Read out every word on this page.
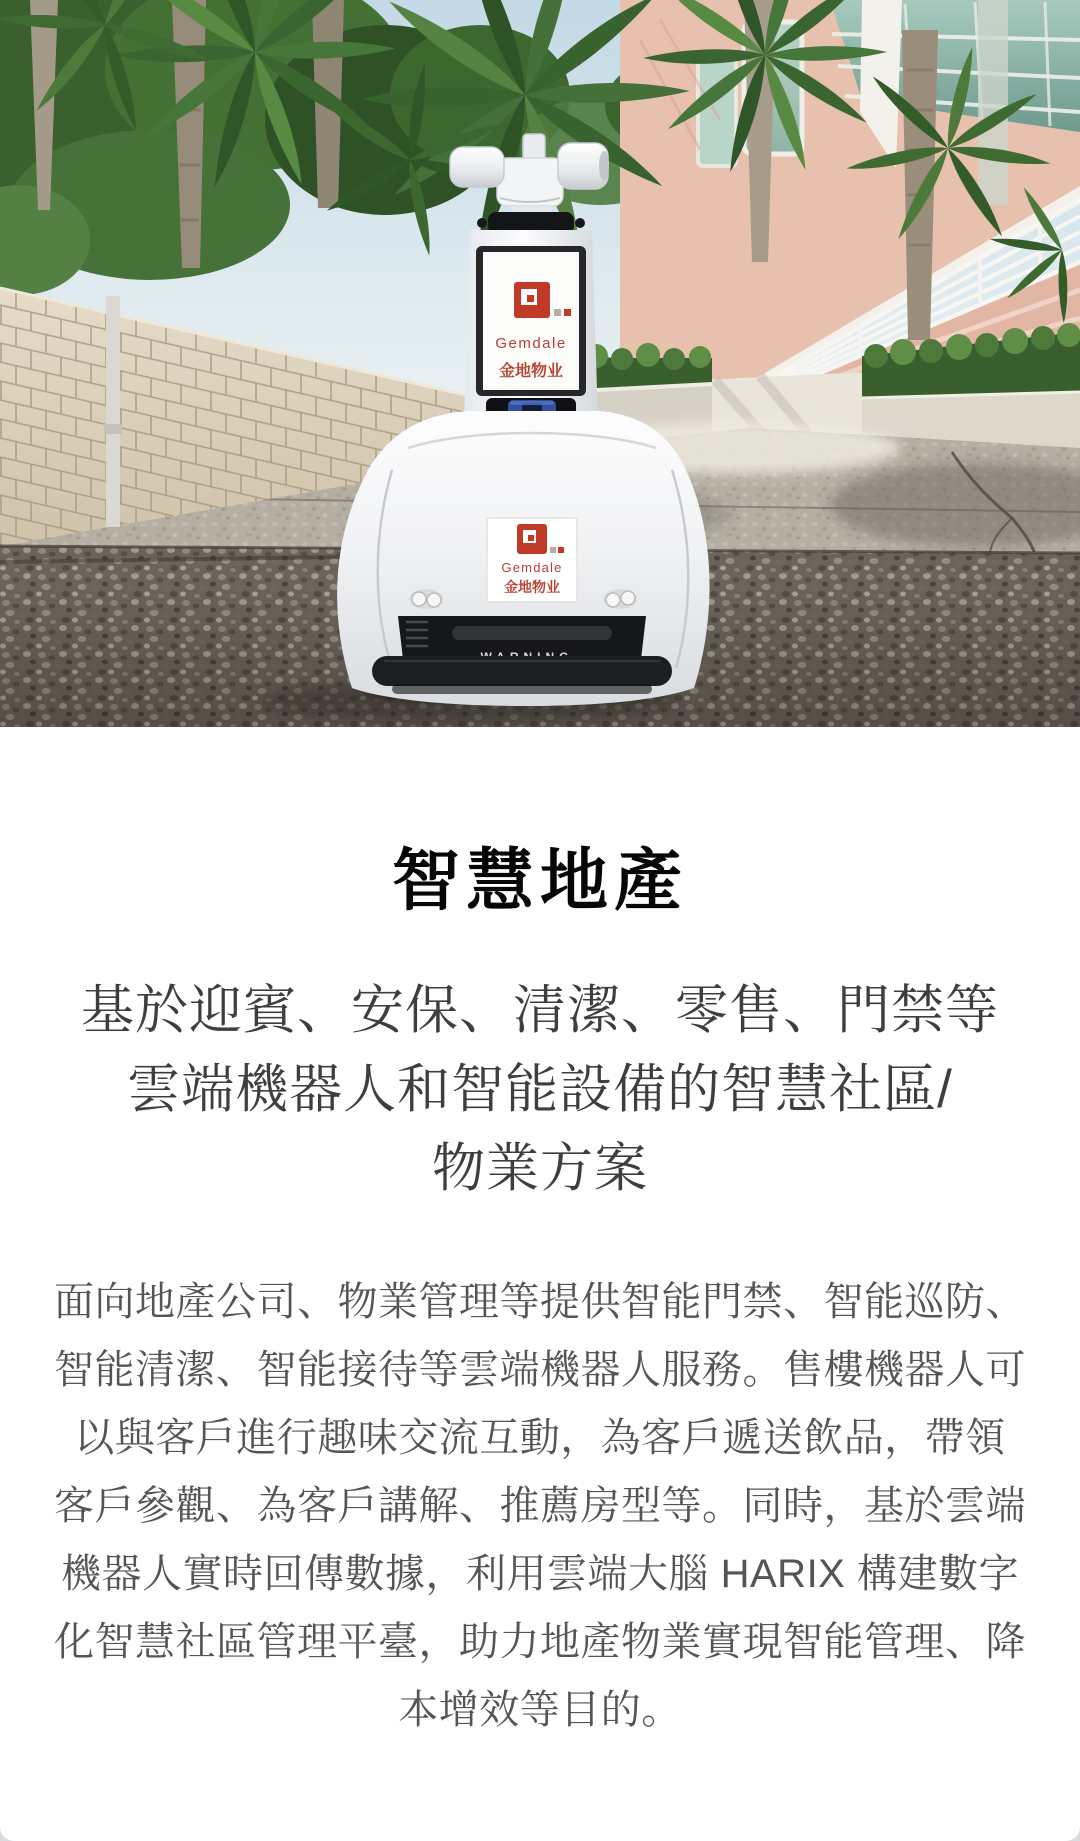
Gemdale
金地物业
Gemdale
金地物业
智慧地產
基於迎賓、安保、清潔、零售、門禁等
雲端機器人和智能設備的智慧社區/
物業方案
面向地產公司、物業管理等提供智能門禁、智能巡防、
智能清潔、智能接待等雲端機器人服務。售樓機器人可
以與客戶進行趣味交流互動，為客戶遞送飲品，帶領
客戶參觀、為客戶講解、推薦房型等。同時，基於雲端
機器人實時回傳數據，利用雲端大腦 HARIX 構建數字
化智慧社區管理平臺，助力地產物業實現智能管理、降
本增效等目的。
